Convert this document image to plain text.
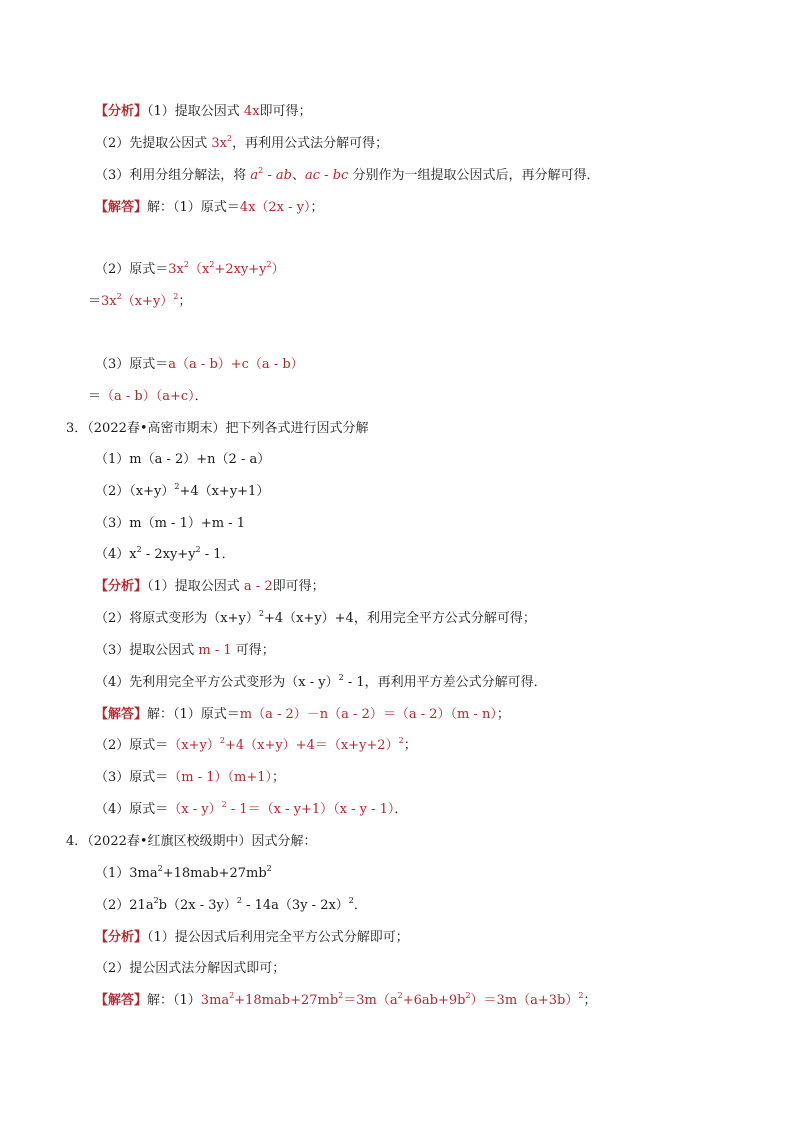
【分析】（1）提取公因式 4x即可得；
（2）先提取公因式 $3x^2$，再利用公式法分解可得；
（3）利用分组分解法，将 $a^2$ - ab、ac - bc 分别作为一组提取公因式后，再分解可得．
【解答】解：（1）原式＝4x（2x - y）；
（2）原式$=3x^2(x^2+2xy+y^2)$
$=3x^2(x+y)^2$；
（3）原式＝a（a - b）+c（a - b）
＝（a - b）（a+c）．
3．（2022春•高密市期末）把下列各式进行因式分解
（1）m（a - 2）+n（2 - a）
$(2)(x+y)^2+4(x+y+1)$
（3）m（m - 1）+m - 1
$(4)x^2 - 2xy+y^2 - 1$．
【分析】（1）提取公因式 a - 2即可得；
（2）将原式变形为$(x+y)^2+4(x+y)+4$，利用完全平方公式分解可得；
（3）提取公因式 m - 1 可得；
（4）先利用完全平方公式变形为（x - y）$^2$ - 1，再利用平方差公式分解可得．
【解答】解：（1）原式＝m（a - 2）－n（a - 2）＝（a - 2）（m - n）；
（2）原式$=(x+y)^2+4(x+y)+4=(x+y+2)^2$；
（3）原式＝（m - 1）（m+1）；
（4）原式＝（x - y）$^2$ - 1＝（x - y+1）（x - y - 1）．
4．（2022春•红旗区校级期中）因式分解：
$(1)3ma^2+18mab+27mb^2$
$(2)21a^2b(2x - 3y)^2 - 14a(3y - 2x)^2$．
【分析】（1）提公因式后利用完全平方公式分解即可；
（2）提公因式法分解因式即可；
【解答】解：$(1)3ma^2+18mab+27mb^2=3m(a^2+6ab+9b^2)=3m(a+3b)^2$；
